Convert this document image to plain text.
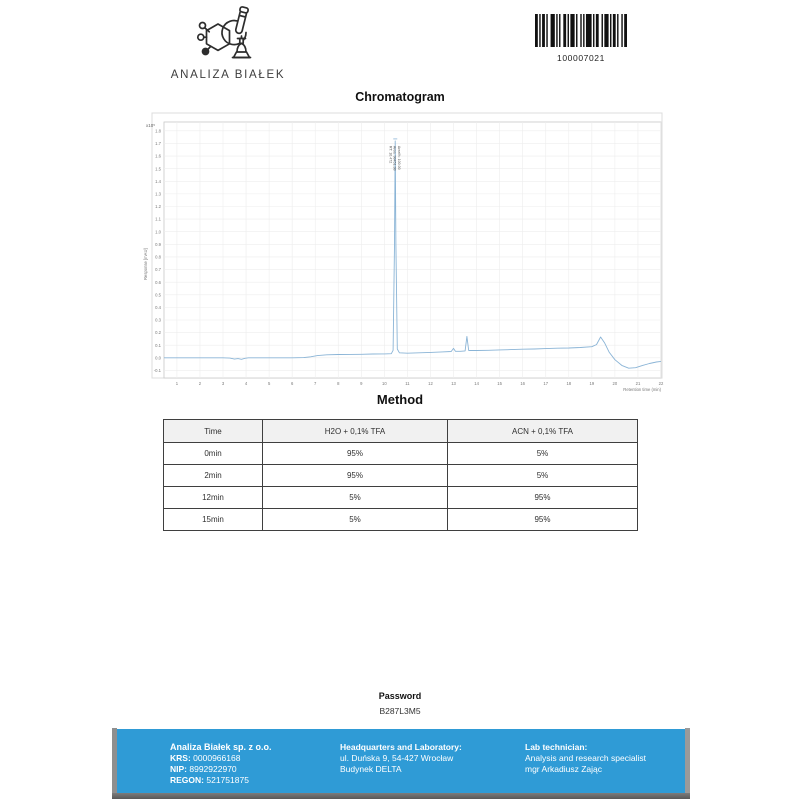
ANALIZA BIAŁEK
100007021
Chromatogram
1	2	3	4	5	6	7	8	9	10	11	12	13	14	15	16	17	18	19	20	21	22
1.8
1.7
1.6
1.5
1.4
1.3
1.2
1.1
1.0
0.9
0.8
0.7
0.6
0.5
0.4
0.3
0.2
0.1
0.0
-0.1
Retention time (min)
Response [mAU]
x10⁵
RT: 10.472 Area: 98451.38 Area%: 100.00
Method
Time	H2O + 0,1% TFA	ACN + 0,1% TFA
0min	95%	5%
2min	95%	5%
12min	5%	95%
15min	5%	95%
Password
B287L3M5
Analiza Białek sp. z o.o.
KRS: 0000966168
NIP: 8992922970
REGON: 521751875
Headquarters and Laboratory:
ul. Duńska 9, 54-427 Wrocław
Budynek DELTA
Lab technician:
Analysis and research specialist
mgr Arkadiusz Zając
